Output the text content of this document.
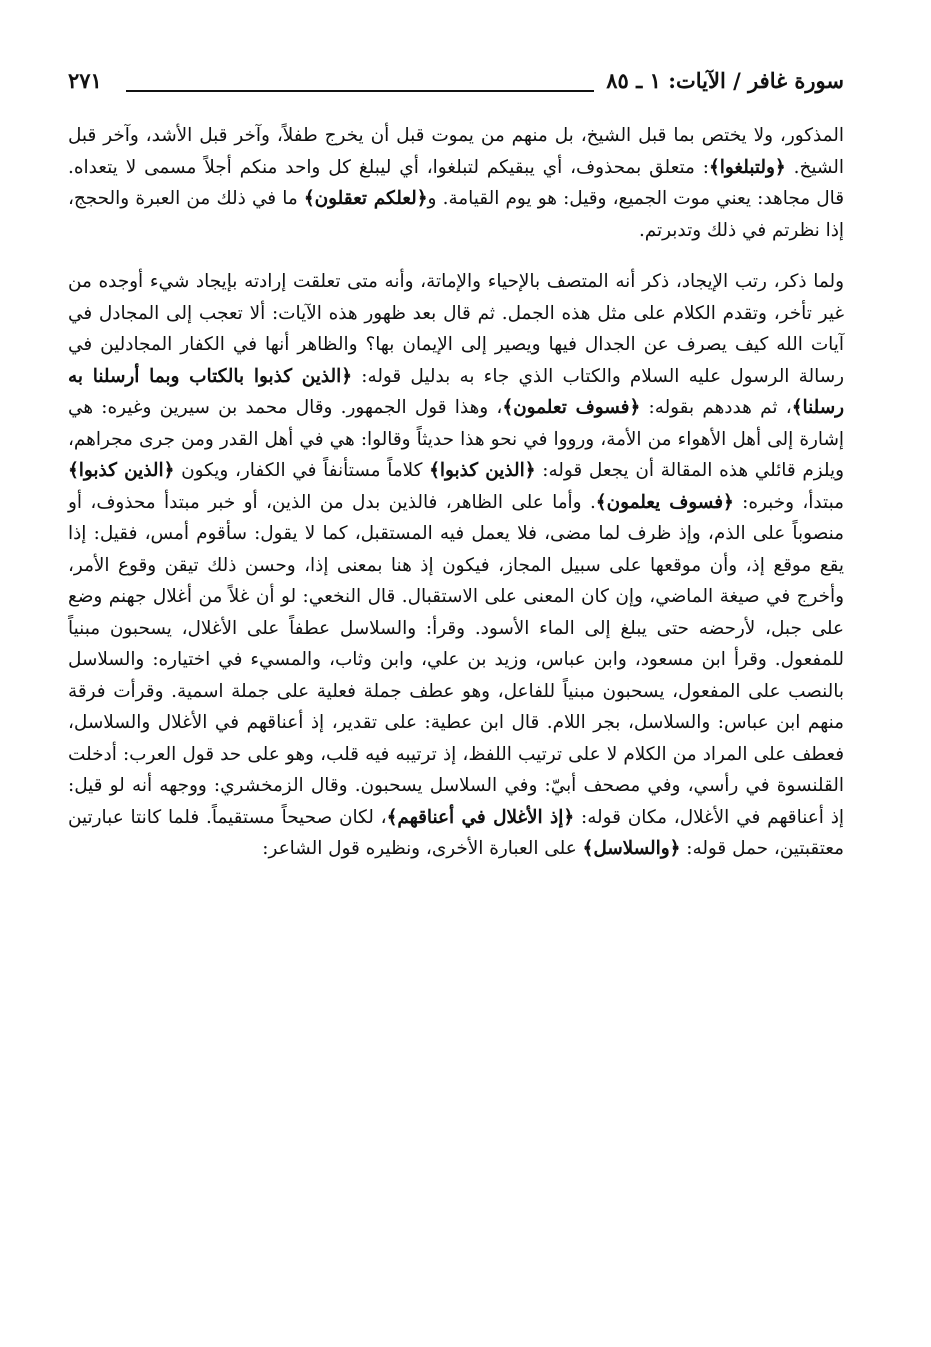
سورة غافر / الآيات: ١ ـ ٨٥
٢٧١

المذكور، ولا يختص بما قبل الشيخ، بل منهم من يموت قبل أن يخرج طفلاً، وآخر قبل الأشد، وآخر قبل الشيخ. ﴿ولتبلغوا﴾: متعلق بمحذوف، أي يبقيكم لتبلغوا، أي ليبلغ كل واحد منكم أجلاً مسمى لا يتعداه. قال مجاهد: يعني موت الجميع، وقيل: هو يوم القيامة. و﴿لعلكم تعقلون﴾ ما في ذلك من العبرة والحجج، إذا نظرتم في ذلك وتدبرتم.

ولما ذكر، رتب الإيجاد، ذكر أنه المتصف بالإحياء والإماتة، وأنه متى تعلقت إرادته بإيجاد شيء أوجده من غير تأخر، وتقدم الكلام على مثل هذه الجمل. ثم قال بعد ظهور هذه الآيات: ألا تعجب إلى المجادل في آيات الله كيف يصرف عن الجدال فيها ويصير إلى الإيمان بها؟ والظاهر أنها في الكفار المجادلين في رسالة الرسول عليه السلام والكتاب الذي جاء به بدليل قوله: ﴿الذين كذبوا بالكتاب وبما أرسلنا به رسلنا﴾، ثم هددهم بقوله: ﴿فسوف تعلمون﴾، وهذا قول الجمهور. وقال محمد بن سيرين وغيره: هي إشارة إلى أهل الأهواء من الأمة، ورووا في نحو هذا حديثاً وقالوا: هي في أهل القدر ومن جرى مجراهم، ويلزم قائلي هذه المقالة أن يجعل قوله: ﴿الذين كذبوا﴾ كلاماً مستأنفاً في الكفار، ويكون ﴿الذين كذبوا﴾ مبتدأ، وخبره: ﴿فسوف يعلمون﴾. وأما على الظاهر، فالذين بدل من الذين، أو خبر مبتدأ محذوف، أو منصوباً على الذم، وإذ ظرف لما مضى، فلا يعمل فيه المستقبل، كما لا يقول: سأقوم أمس، فقيل: إذا يقع موقع إذ، وأن موقعها على سبيل المجاز، فيكون إذ هنا بمعنى إذا، وحسن ذلك تيقن وقوع الأمر، وأخرج في صيغة الماضي، وإن كان المعنى على الاستقبال. قال النخعي: لو أن غلاً من أغلال جهنم وضع على جبل، لأرحضه حتى يبلغ إلى الماء الأسود. وقرأ: والسلاسل عطفاً على الأغلال، يسحبون مبنياً للمفعول. وقرأ ابن مسعود، وابن عباس، وزيد بن علي، وابن وثاب، والمسيء في اختياره: والسلاسل بالنصب على المفعول، يسحبون مبنياً للفاعل، وهو عطف جملة فعلية على جملة اسمية. وقرأت فرقة منهم ابن عباس: والسلاسل، بجر اللام. قال ابن عطية: على تقدير، إذ أعناقهم في الأغلال والسلاسل، فعطف على المراد من الكلام لا على ترتيب اللفظ، إذ ترتيبه فيه قلب، وهو على حد قول العرب: أدخلت القلنسوة في رأسي، وفي مصحف أبيّ: وفي السلاسل يسحبون. وقال الزمخشري: ووجهه أنه لو قيل: إذ أعناقهم في الأغلال، مكان قوله: ﴿إذ الأغلال في أعناقهم﴾، لكان صحيحاً مستقيماً. فلما كانتا عبارتين معتقبتين، حمل قوله: ﴿والسلاسل﴾ على العبارة الأخرى، ونظيره قول الشاعر:
